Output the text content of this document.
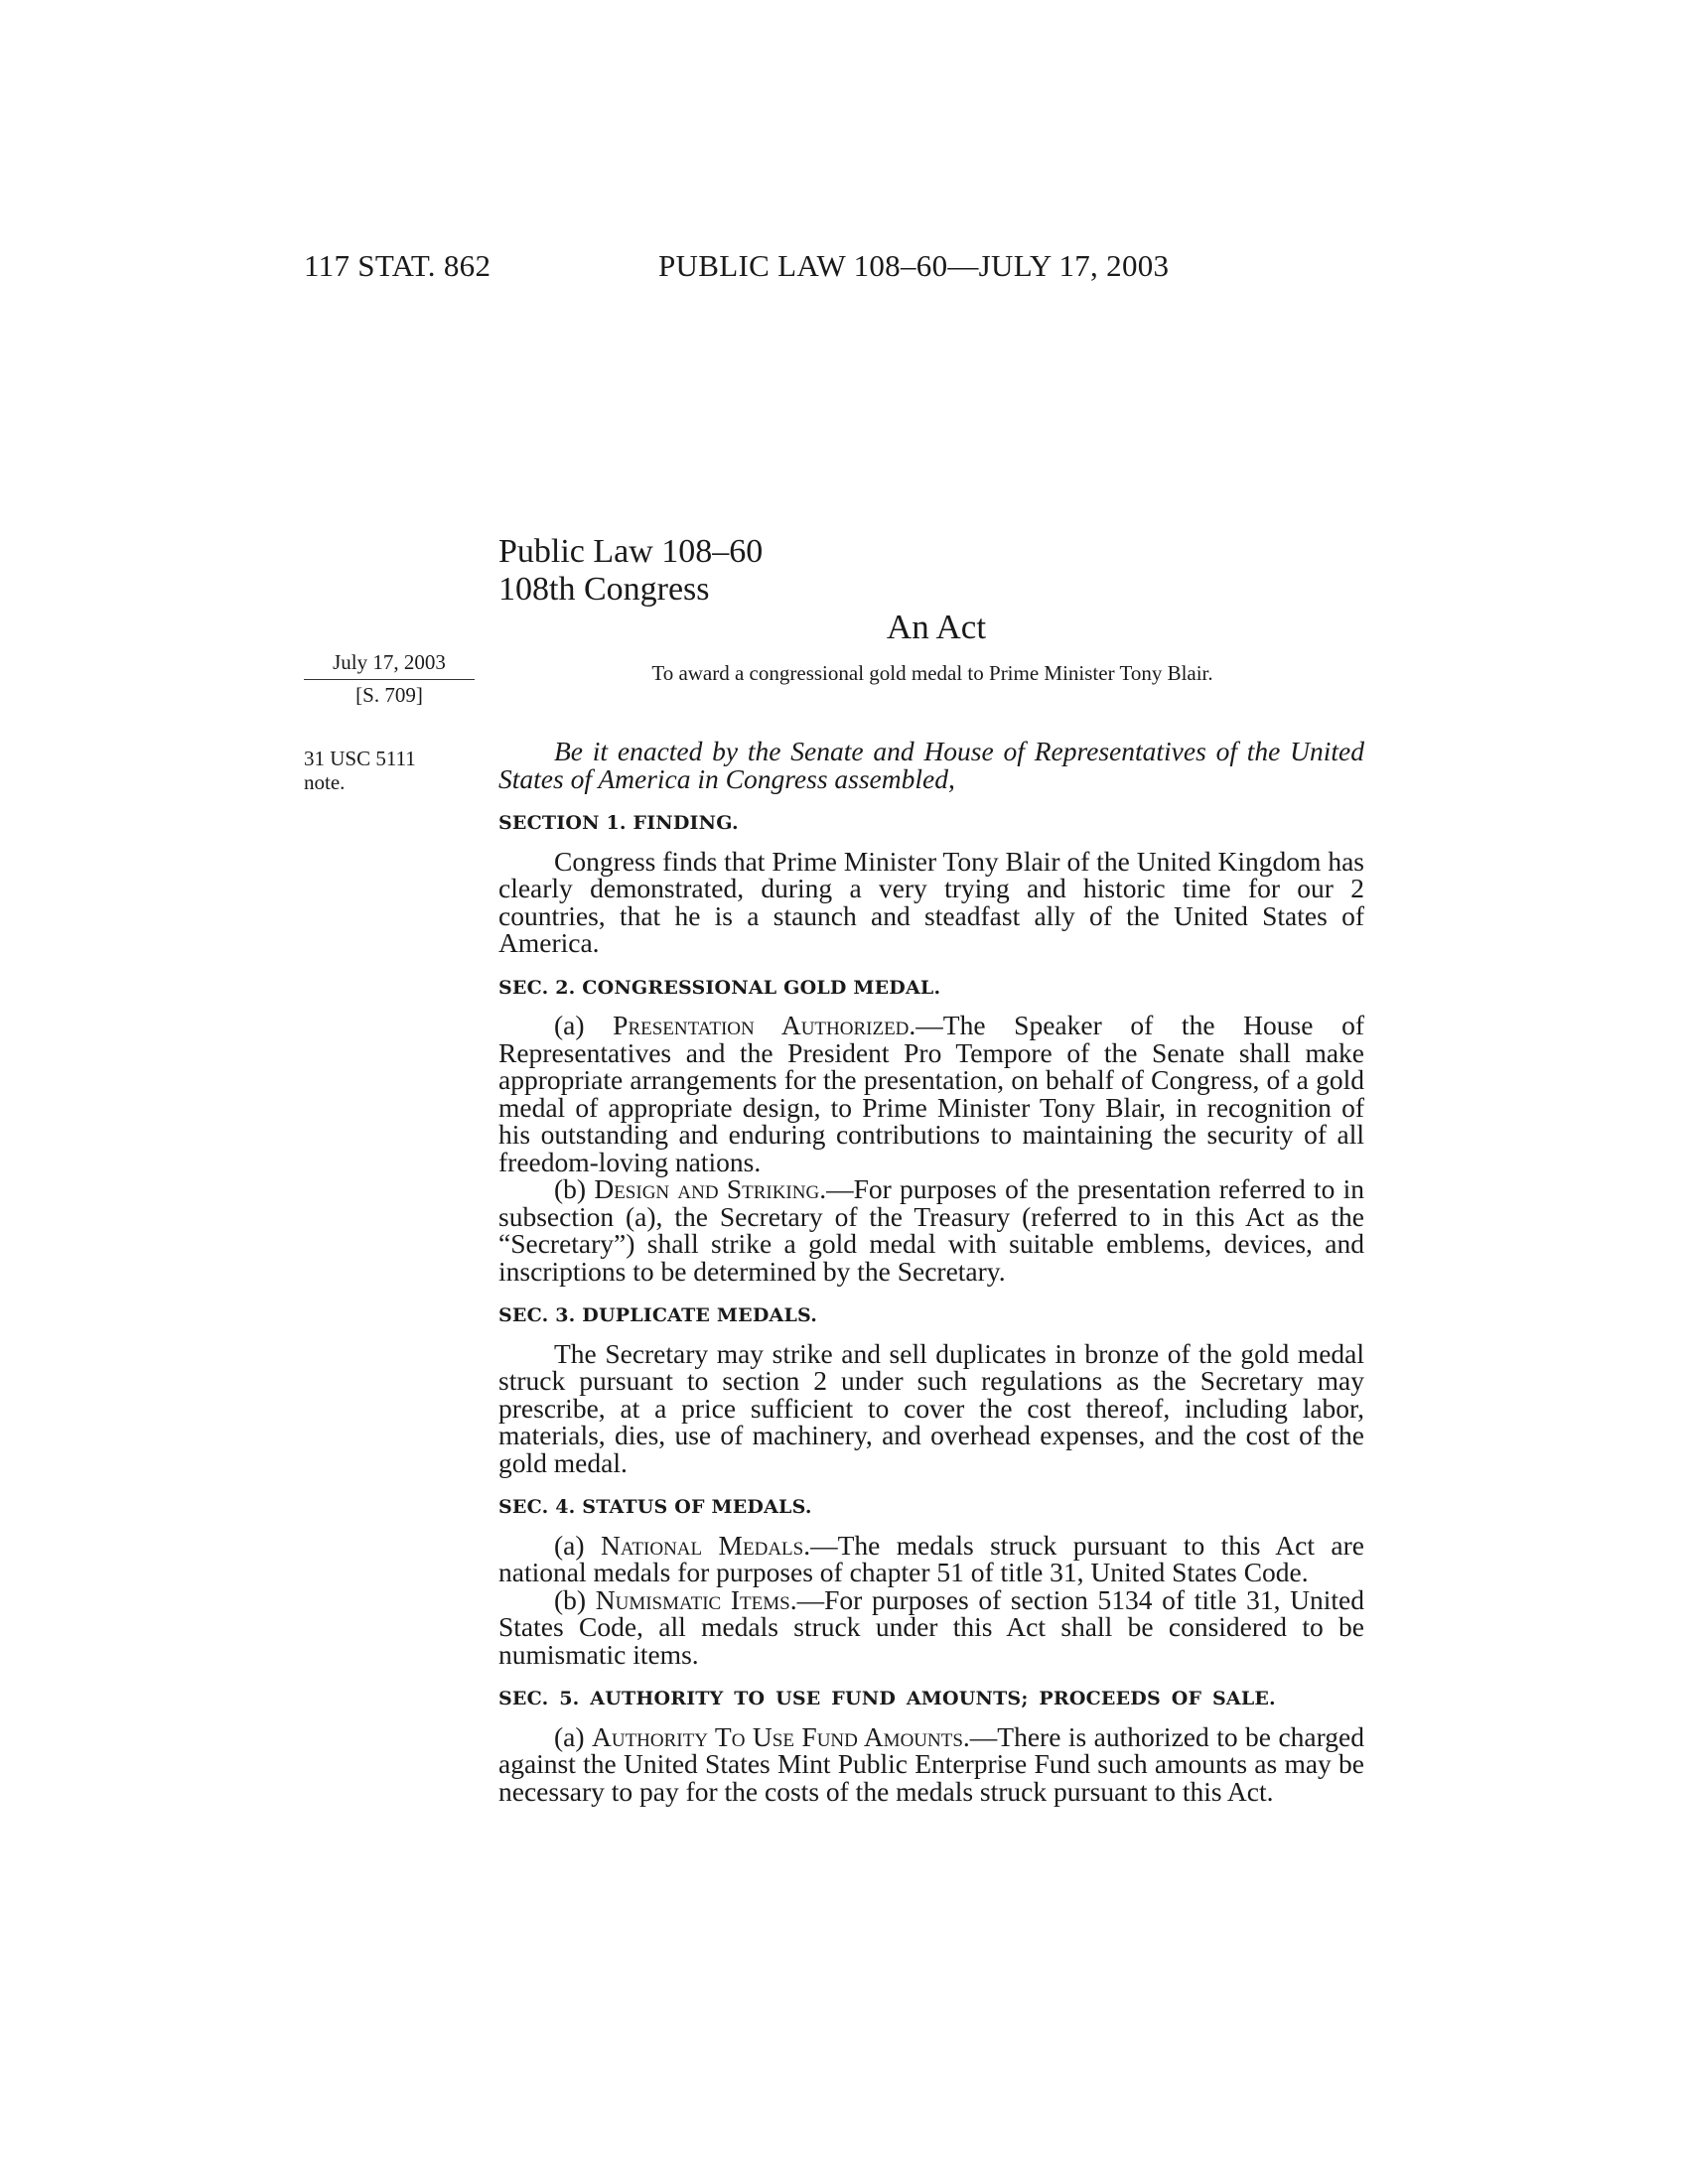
117 STAT. 862	PUBLIC LAW 108–60—JULY 17, 2003
Public Law 108–60
108th Congress
An Act
July 17, 2003
[S. 709]
31 USC 5111 note.
To award a congressional gold medal to Prime Minister Tony Blair.

Be it enacted by the Senate and House of Representatives of the United States of America in Congress assembled,

SECTION 1. FINDING.

Congress finds that Prime Minister Tony Blair of the United Kingdom has clearly demonstrated, during a very trying and historic time for our 2 countries, that he is a staunch and steadfast ally of the United States of America.

SEC. 2. CONGRESSIONAL GOLD MEDAL.

(a) Presentation Authorized.—The Speaker of the House of Representatives and the President Pro Tempore of the Senate shall make appropriate arrangements for the presentation, on behalf of Congress, of a gold medal of appropriate design, to Prime Minister Tony Blair, in recognition of his outstanding and enduring contributions to maintaining the security of all freedom-loving nations.

(b) Design and Striking.—For purposes of the presentation referred to in subsection (a), the Secretary of the Treasury (referred to in this Act as the “Secretary”) shall strike a gold medal with suitable emblems, devices, and inscriptions to be determined by the Secretary.

SEC. 3. DUPLICATE MEDALS.

The Secretary may strike and sell duplicates in bronze of the gold medal struck pursuant to section 2 under such regulations as the Secretary may prescribe, at a price sufficient to cover the cost thereof, including labor, materials, dies, use of machinery, and overhead expenses, and the cost of the gold medal.

SEC. 4. STATUS OF MEDALS.

(a) National Medals.—The medals struck pursuant to this Act are national medals for purposes of chapter 51 of title 31, United States Code.

(b) Numismatic Items.—For purposes of section 5134 of title 31, United States Code, all medals struck under this Act shall be considered to be numismatic items.

SEC. 5. AUTHORITY TO USE FUND AMOUNTS; PROCEEDS OF SALE.

(a) Authority To Use Fund Amounts.—There is authorized to be charged against the United States Mint Public Enterprise Fund such amounts as may be necessary to pay for the costs of the medals struck pursuant to this Act.
